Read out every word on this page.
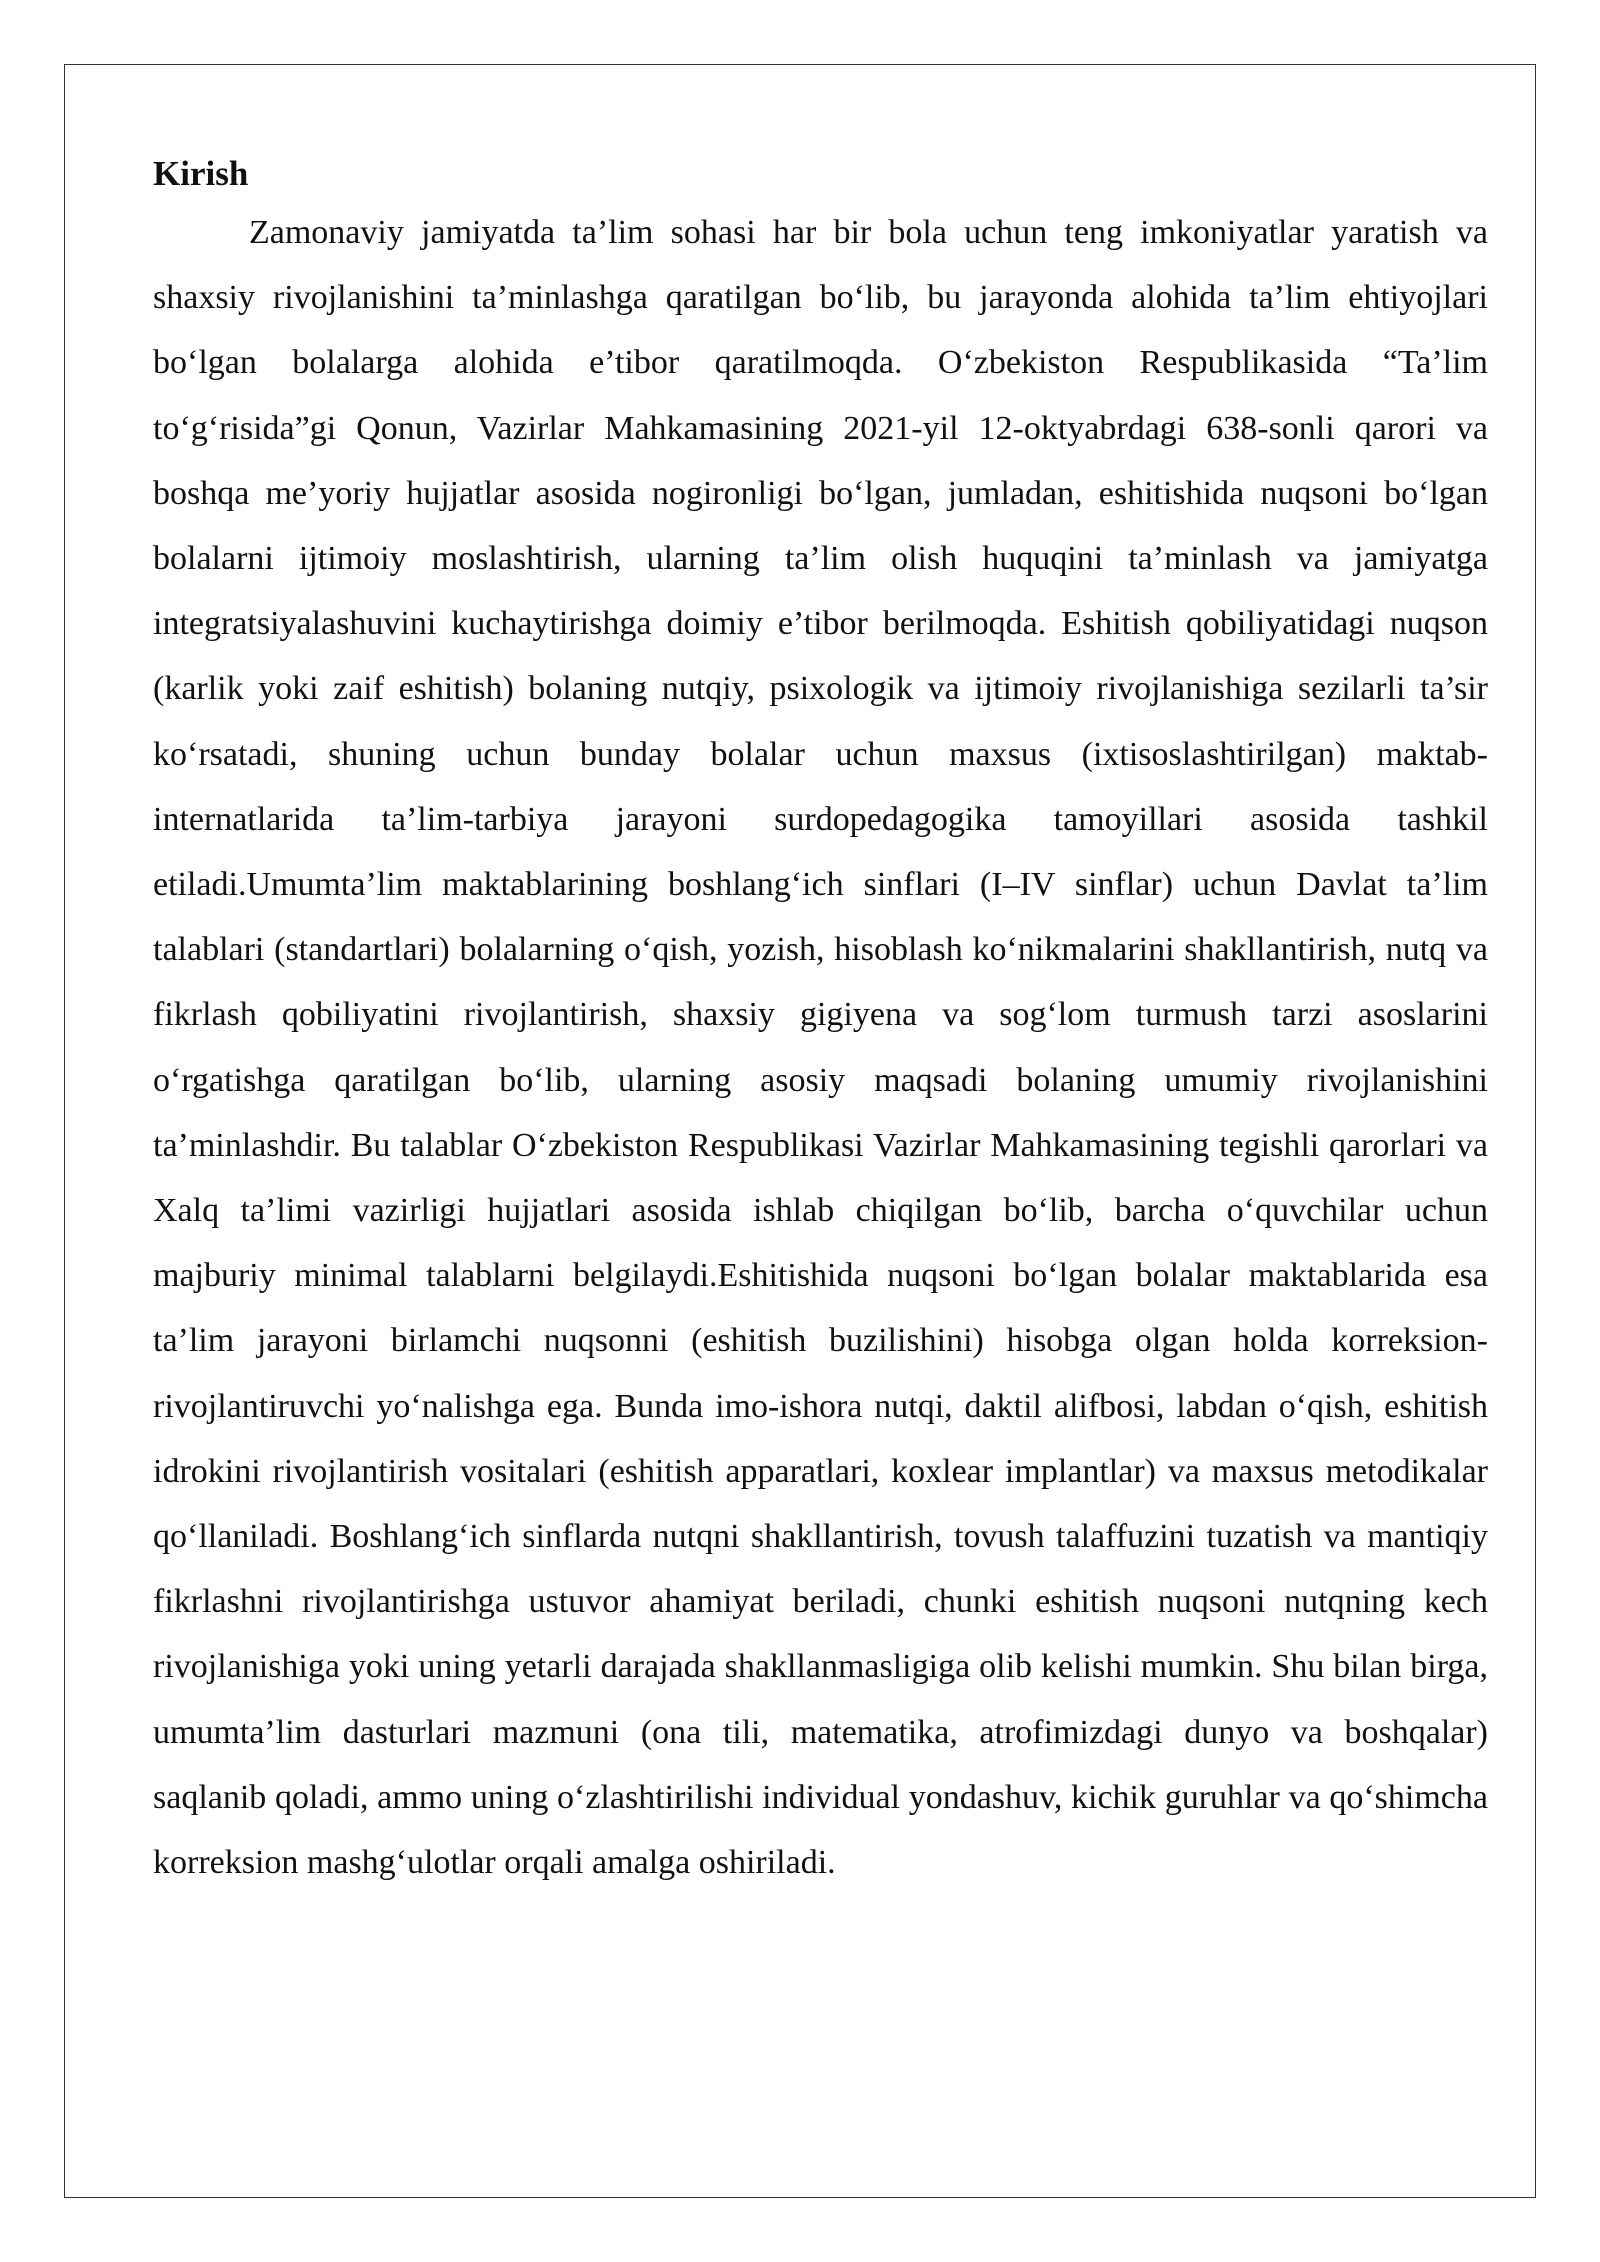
Kirish

Zamonaviy jamiyatda ta’lim sohasi har bir bola uchun teng imkoniyatlar yaratish va shaxsiy rivojlanishini ta’minlashga qaratilgan bo‘lib, bu jarayonda alohida ta’lim ehtiyojlari bo‘lgan bolalarga alohida e’tibor qaratilmoqda. O‘zbekiston Respublikasida “Ta’lim to‘g‘risida”gi Qonun, Vazirlar Mahkamasining 2021-yil 12-oktyabrdagi 638-sonli qarori va boshqa me’yoriy hujjatlar asosida nogironligi bo‘lgan, jumladan, eshitishida nuqsoni bo‘lgan bolalarni ijtimoiy moslashtirish, ularning ta’lim olish huquqini ta’minlash va jamiyatga integratsiyalashuvini kuchaytirishga doimiy e’tibor berilmoqda. Eshitish qobiliyatidagi nuqson (karlik yoki zaif eshitish) bolaning nutqiy, psixologik va ijtimoiy rivojlanishiga sezilarli ta’sir ko‘rsatadi, shuning uchun bunday bolalar uchun maxsus (ixtisoslashtirilgan) maktab-internatlarida ta’lim-tarbiya jarayoni surdopedagogika tamoyillari asosida tashkil etiladi.Umumta’lim maktablarining boshlang‘ich sinflari (I–IV sinflar) uchun Davlat ta’lim talablari (standartlari) bolalarning o‘qish, yozish, hisoblash ko‘nikmalarini shakllantirish, nutq va fikrlash qobiliyatini rivojlantirish, shaxsiy gigiyena va sog‘lom turmush tarzi asoslarini o‘rgatishga qaratilgan bo‘lib, ularning asosiy maqsadi bolaning umumiy rivojlanishini ta’minlashdir. Bu talablar O‘zbekiston Respublikasi Vazirlar Mahkamasining tegishli qarorlari va Xalq ta’limi vazirligi hujjatlari asosida ishlab chiqilgan bo‘lib, barcha o‘quvchilar uchun majburiy minimal talablarni belgilaydi.Eshitishida nuqsoni bo‘lgan bolalar maktablarida esa ta’lim jarayoni birlamchi nuqsonni (eshitish buzilishini) hisobga olgan holda korreksion-rivojlantiruvchi yo‘nalishga ega. Bunda imo-ishora nutqi, daktil alifbosi, labdan o‘qish, eshitish idrokini rivojlantirish vositalari (eshitish apparatlari, koxlear implantlar) va maxsus metodikalar qo‘llaniladi. Boshlang‘ich sinflarda nutqni shakllantirish, tovush talaffuzini tuzatish va mantiqiy fikrlashni rivojlantirishga ustuvor ahamiyat beriladi, chunki eshitish nuqsoni nutqning kech rivojlanishiga yoki uning yetarli darajada shakllanmasligiga olib kelishi mumkin. Shu bilan birga, umumta’lim dasturlari mazmuni (ona tili, matematika, atrofimizdagi dunyo va boshqalar) saqlanib qoladi, ammo uning o‘zlashtirilishi individual yondashuv, kichik guruhlar va qo‘shimcha korreksion mashg‘ulotlar orqali amalga oshiriladi.
